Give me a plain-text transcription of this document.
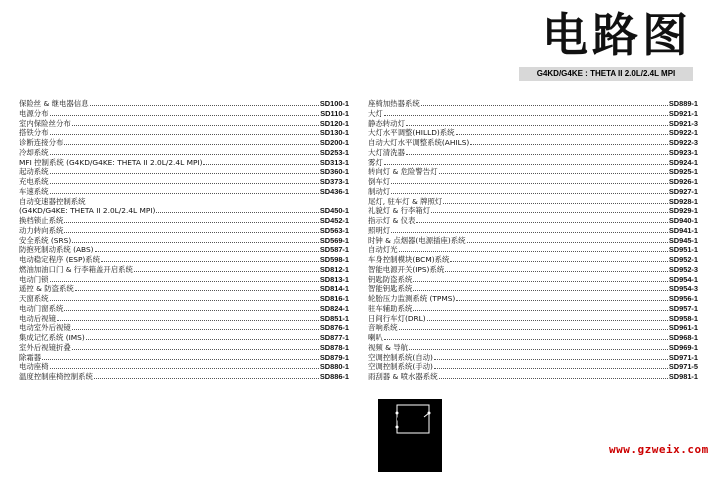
电路图
G4KD/G4KE : THETA II 2.0L/2.4L MPI
保险丝 & 继电器信息	SD100-1
电源分布	SD110-1
室内保险丝分布	SD120-1
搭铁分布	SD130-1
诊断连接分布	SD200-1
冷却系统	SD253-1
MFI 控制系统 (G4KD/G4KE: THETA II 2.0L/2.4L MPI)	SD313-1
起动系统	SD360-1
充电系统	SD373-1
车速系统	SD436-1
自动变速器控制系统
(G4KD/G4KE: THETA II 2.0L/2.4L MPI)	SD450-1
换档锁止系统	SD452-1
动力转向系统	SD563-1
安全系统 (SRS)	SD569-1
防抱死制动系统 (ABS)	SD587-1
电动稳定程序 (ESP)系统	SD598-1
燃油加油口门 & 行李箱盖开启系统	SD812-1
电动门锁	SD813-1
遥控 & 防盗系统	SD814-1
天窗系统	SD816-1
电动门窗系统	SD824-1
电动后视镜	SD851-1
电动室外后视镜	SD876-1
集成记忆系统 (IMS)	SD877-1
室外后视镜折叠	SD878-1
除霜器	SD879-1
电动座椅	SD880-1
温度控制座椅控制系统	SD886-1
座椅加热器系统	SD889-1
大灯	SD921-1
静态转动灯	SD921-3
大灯水平调整(HILLD)系统	SD922-1
自动大灯水平调整系统(AHILS)	SD922-3
大灯清洗器	SD923-1
雾灯	SD924-1
转向灯 & 危险警告灯	SD925-1
倒车灯	SD926-1
制动灯	SD927-1
尾灯, 驻车灯 & 牌照灯	SD928-1
礼貌灯 & 行李箱灯	SD929-1
指示灯 & 仪表	SD940-1
照明灯	SD941-1
时钟 & 点烟器(电源插座)系统	SD945-1
自动灯光	SD951-1
车身控制模块(BCM)系统	SD952-1
智能电源开关(IPS)系统	SD952-3
钥匙防盗系统	SD954-1
智能钥匙系统	SD954-3
轮胎压力监测系统 (TPMS)	SD956-1
驻车辅助系统	SD957-1
日间行车灯(DRL)	SD958-1
音响系统	SD961-1
喇叭	SD968-1
视频 & 导航	SD969-1
空调控制系统(自动)	SD971-1
空调控制系统(手动)	SD971-5
雨刮器 & 喷水器系统	SD981-1
www.gzweix.com
